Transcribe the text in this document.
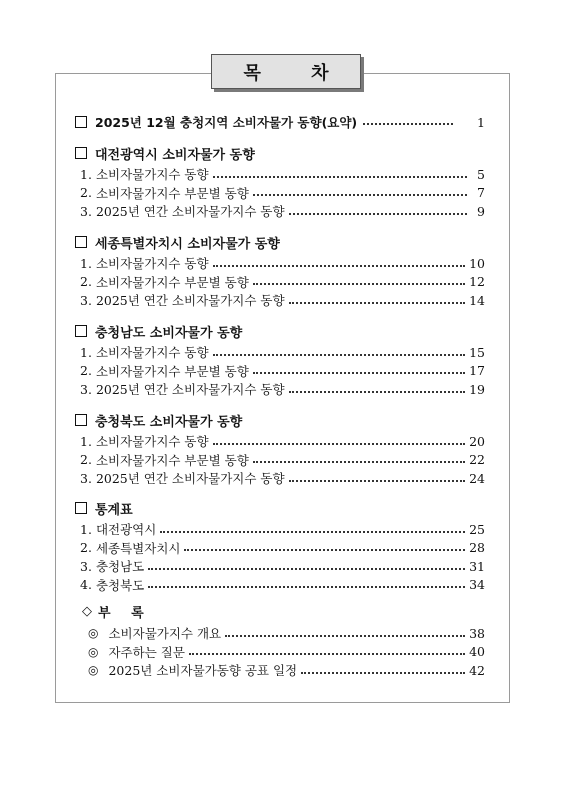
목 차
2025년 12월 충청지역 소비자물가 동향(요약)	1
대전광역시 소비자물가 동향
1. 소비자물가지수 동향	5
2. 소비자물가지수 부문별 동향	7
3. 2025년 연간 소비자물가지수 동향	9
세종특별자치시 소비자물가 동향
1. 소비자물가지수 동향	10
2. 소비자물가지수 부문별 동향	12
3. 2025년 연간 소비자물가지수 동향	14
충청남도 소비자물가 동향
1. 소비자물가지수 동향	15
2. 소비자물가지수 부문별 동향	17
3. 2025년 연간 소비자물가지수 동향	19
충청북도 소비자물가 동향
1. 소비자물가지수 동향	20
2. 소비자물가지수 부문별 동향	22
3. 2025년 연간 소비자물가지수 동향	24
통계표
1. 대전광역시	25
2. 세종특별자치시	28
3. 충청남도	31
4. 충청북도	34
◇ 부 록
◎ 소비자물가지수 개요	38
◎ 자주하는 질문	40
◎ 2025년 소비자물가동향 공표 일정	42
